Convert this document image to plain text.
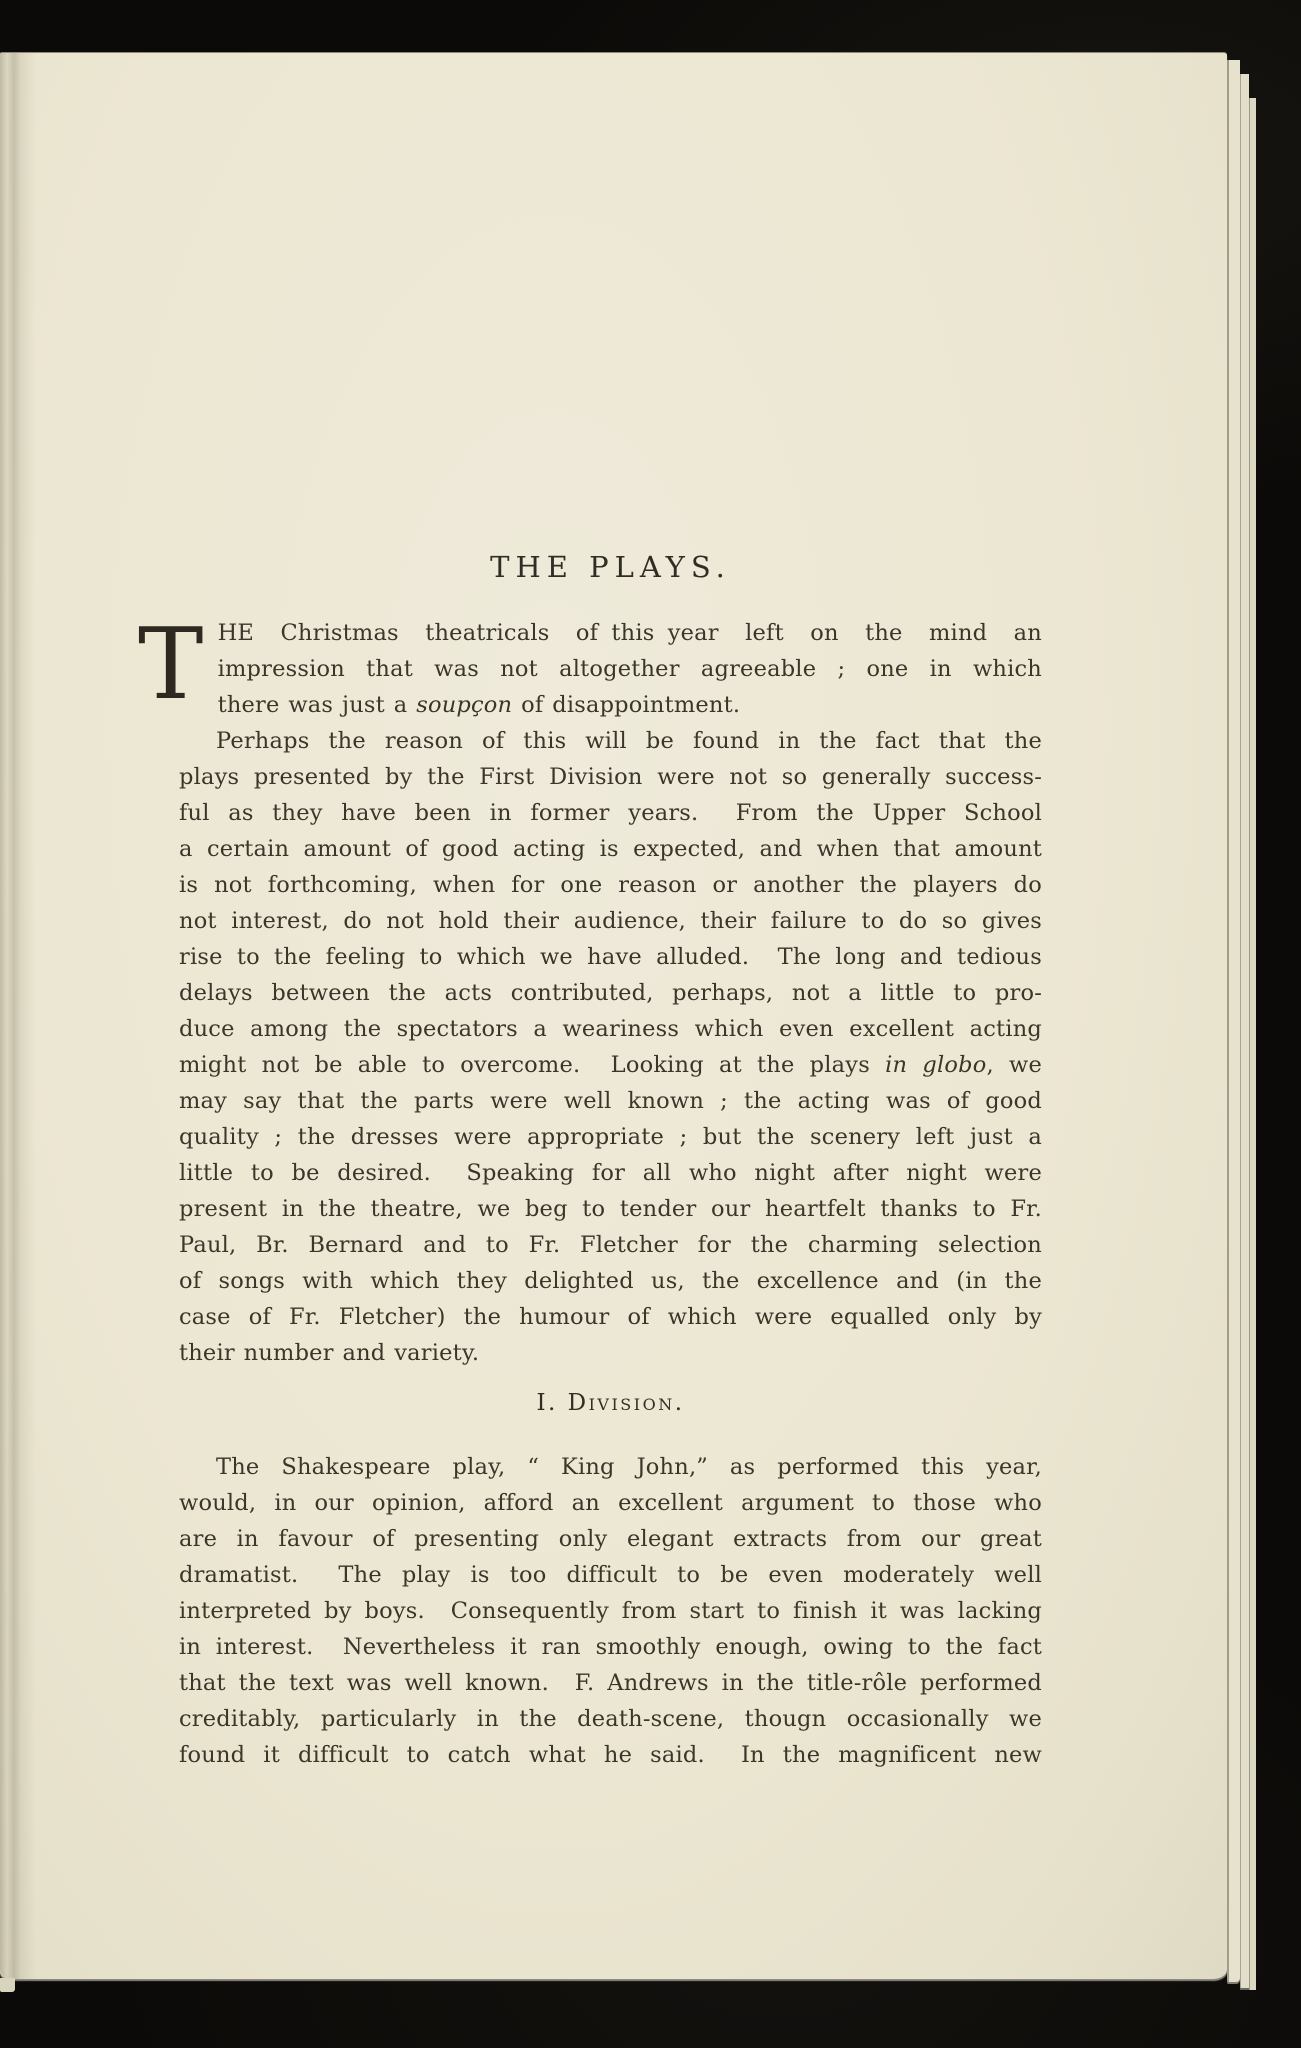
THE PLAYS.
T HE  Christmas  theatricals  of this year  left  on  the  mind  an
impression that was not altogether agreeable ; one in which
there was just a soupçon of disappointment.
Perhaps the reason of this will be found in the fact that the
plays presented by the First Division were not so generally success-
ful as they have been in former years.  From the Upper School
a certain amount of good acting is expected, and when that amount
is not forthcoming, when for one reason or another the players do
not interest, do not hold their audience, their failure to do so gives
rise to the feeling to which we have alluded.  The long and tedious
delays between the acts contributed, perhaps, not a little to pro-
duce among the spectators a weariness which even excellent acting
might not be able to overcome.  Looking at the plays in globo, we
may say that the parts were well known ; the acting was of good
quality ; the dresses were appropriate ; but the scenery left just a
little to be desired.  Speaking for all who night after night were
present in the theatre, we beg to tender our heartfelt thanks to Fr.
Paul, Br. Bernard and to Fr. Fletcher for the charming selection
of songs with which they delighted us, the excellence and (in the
case of Fr. Fletcher) the humour of which were equalled only by
their number and variety.
I. Division.
The Shakespeare play, “ King John,” as performed this year,
would, in our opinion, afford an excellent argument to those who
are in favour of presenting only elegant extracts from our great
dramatist.  The play is too difficult to be even moderately well
interpreted by boys.  Consequently from start to finish it was lacking
in interest.  Nevertheless it ran smoothly enough, owing to the fact
that the text was well known.  F. Andrews in the title-rôle performed
creditably, particularly in the death-scene, thougn occasionally we
found it difficult to catch what he said.  In the magnificent new
